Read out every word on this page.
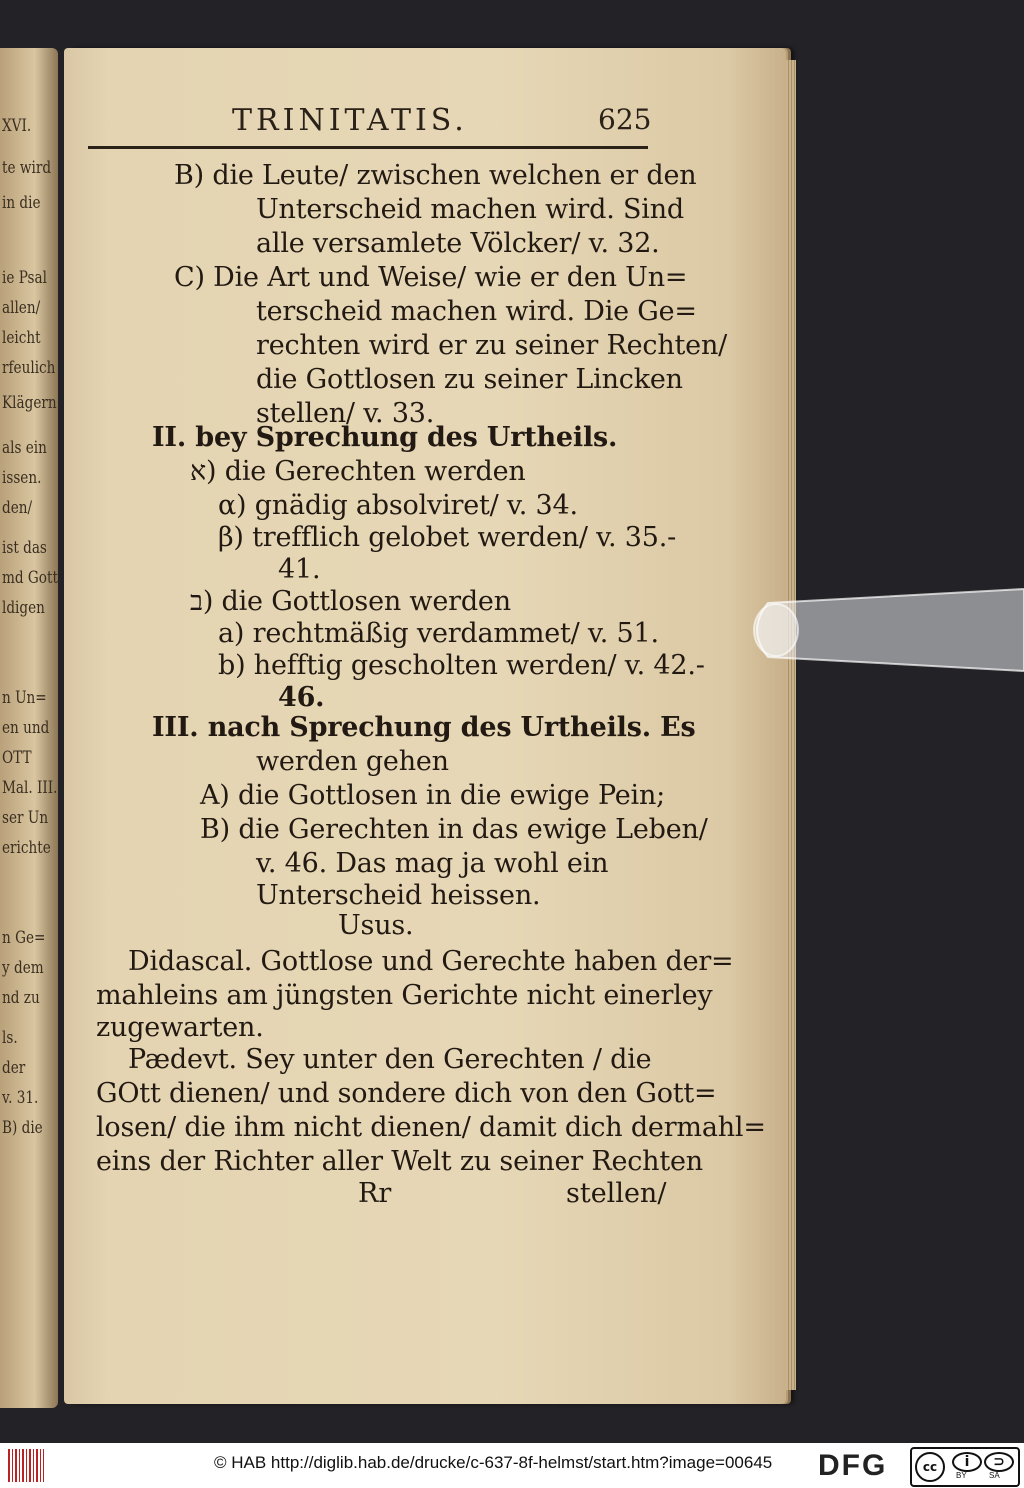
XVI.
te wird
in die
ie Psal
allen/
leicht
rfeulich
Klägern
als ein
issen.
den/
ist das
md Gott
ldigen
n Un=
en und
OTT
Mal. III.
ser Un
erichte
n Ge=
y dem
nd zu
ls.
der
v. 31.
B) die
TRINITATIS.	625
B) die Leute/ zwischen welchen er den
Unterscheid machen wird. Sind
alle versamlete Völcker/ v. 32.
C) Die Art und Weise/ wie er den Un=
terscheid machen wird. Die Ge=
rechten wird er zu seiner Rechten/
die Gottlosen zu seiner Lincken
stellen/ v. 33.
II. bey Sprechung des Urtheils.
א) die Gerechten werden
α) gnädig absolviret/ v. 34.
β) trefflich gelobet werden/ v. 35.-
41.
ב) die Gottlosen werden
a) rechtmäßig verdammet/ v. 51.
b) hefftig gescholten werden/ v. 42.-
46.
III. nach Sprechung des Urtheils. Es
werden gehen
A) die Gottlosen in die ewige Pein;
B) die Gerechten in das ewige Leben/
v. 46. Das mag ja wohl ein
Unterscheid heissen.
Usus.
Didascal. Gottlose und Gerechte haben der=
mahleins am jüngsten Gerichte nicht einerley
zugewarten.
Pædevt. Sey unter den Gerechten / die
GOtt dienen/ und sondere dich von den Gott=
losen/ die ihm nicht dienen/ damit dich dermahl=
eins der Richter aller Welt zu seiner Rechten
Rr	stellen/
© HAB http://diglib.hab.de/drucke/c-637-8f-helmst/start.htm?image=00645 DFG	cc	i	⊃
BY	SA
